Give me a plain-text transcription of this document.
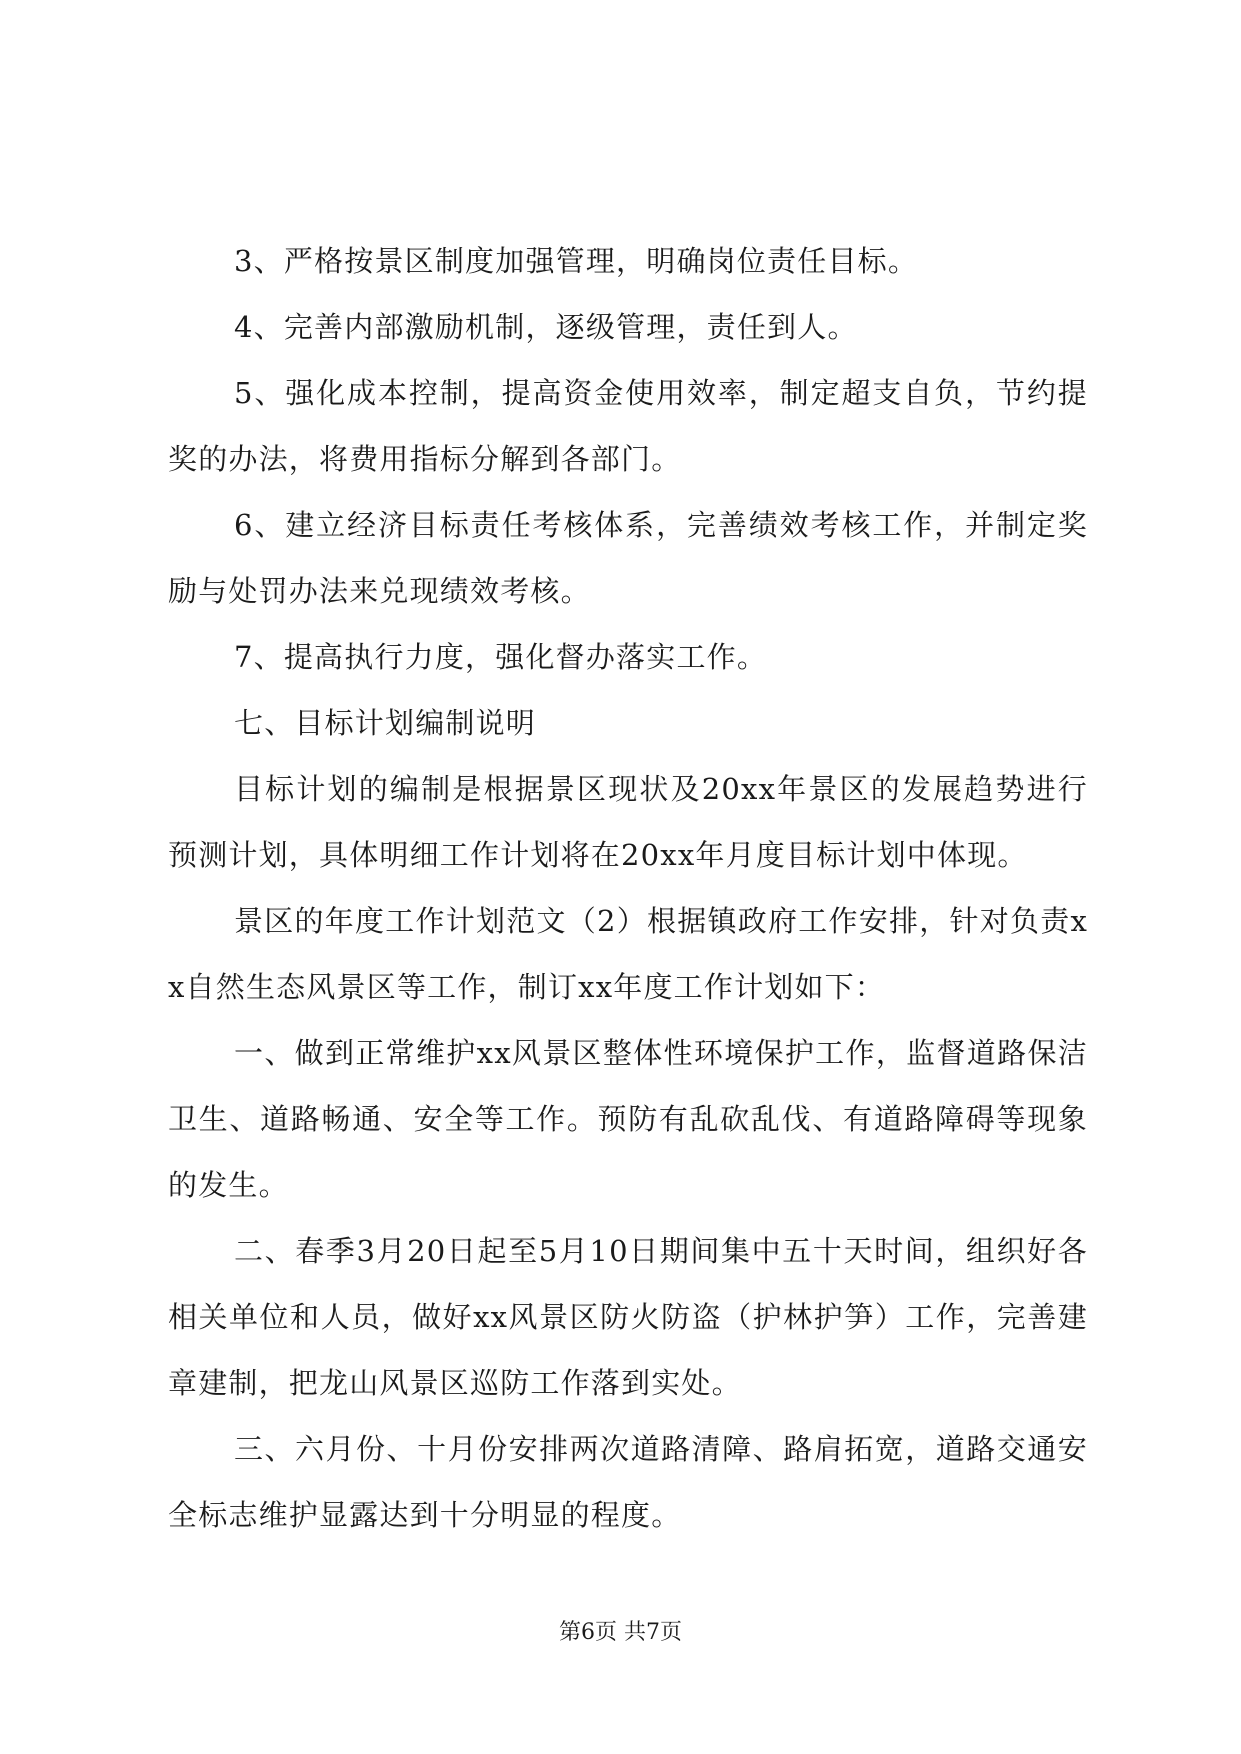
3、严格按景区制度加强管理，明确岗位责任目标。

4、完善内部激励机制，逐级管理，责任到人。

5、强化成本控制，提高资金使用效率，制定超支自负，节约提奖的办法，将费用指标分解到各部门。

6、建立经济目标责任考核体系，完善绩效考核工作，并制定奖励与处罚办法来兑现绩效考核。

7、提高执行力度，强化督办落实工作。

七、目标计划编制说明

目标计划的编制是根据景区现状及20xx年景区的发展趋势进行预测计划，具体明细工作计划将在20xx年月度目标计划中体现。

景区的年度工作计划范文（2）根据镇政府工作安排，针对负责xx自然生态风景区等工作，制订xx年度工作计划如下：

一、做到正常维护xx风景区整体性环境保护工作，监督道路保洁卫生、道路畅通、安全等工作。预防有乱砍乱伐、有道路障碍等现象的发生。

二、春季3月20日起至5月10日期间集中五十天时间，组织好各相关单位和人员，做好xx风景区防火防盗（护林护笋）工作，完善建章建制，把龙山风景区巡防工作落到实处。

三、六月份、十月份安排两次道路清障、路肩拓宽，道路交通安全标志维护显露达到十分明显的程度。

第6页 共7页
